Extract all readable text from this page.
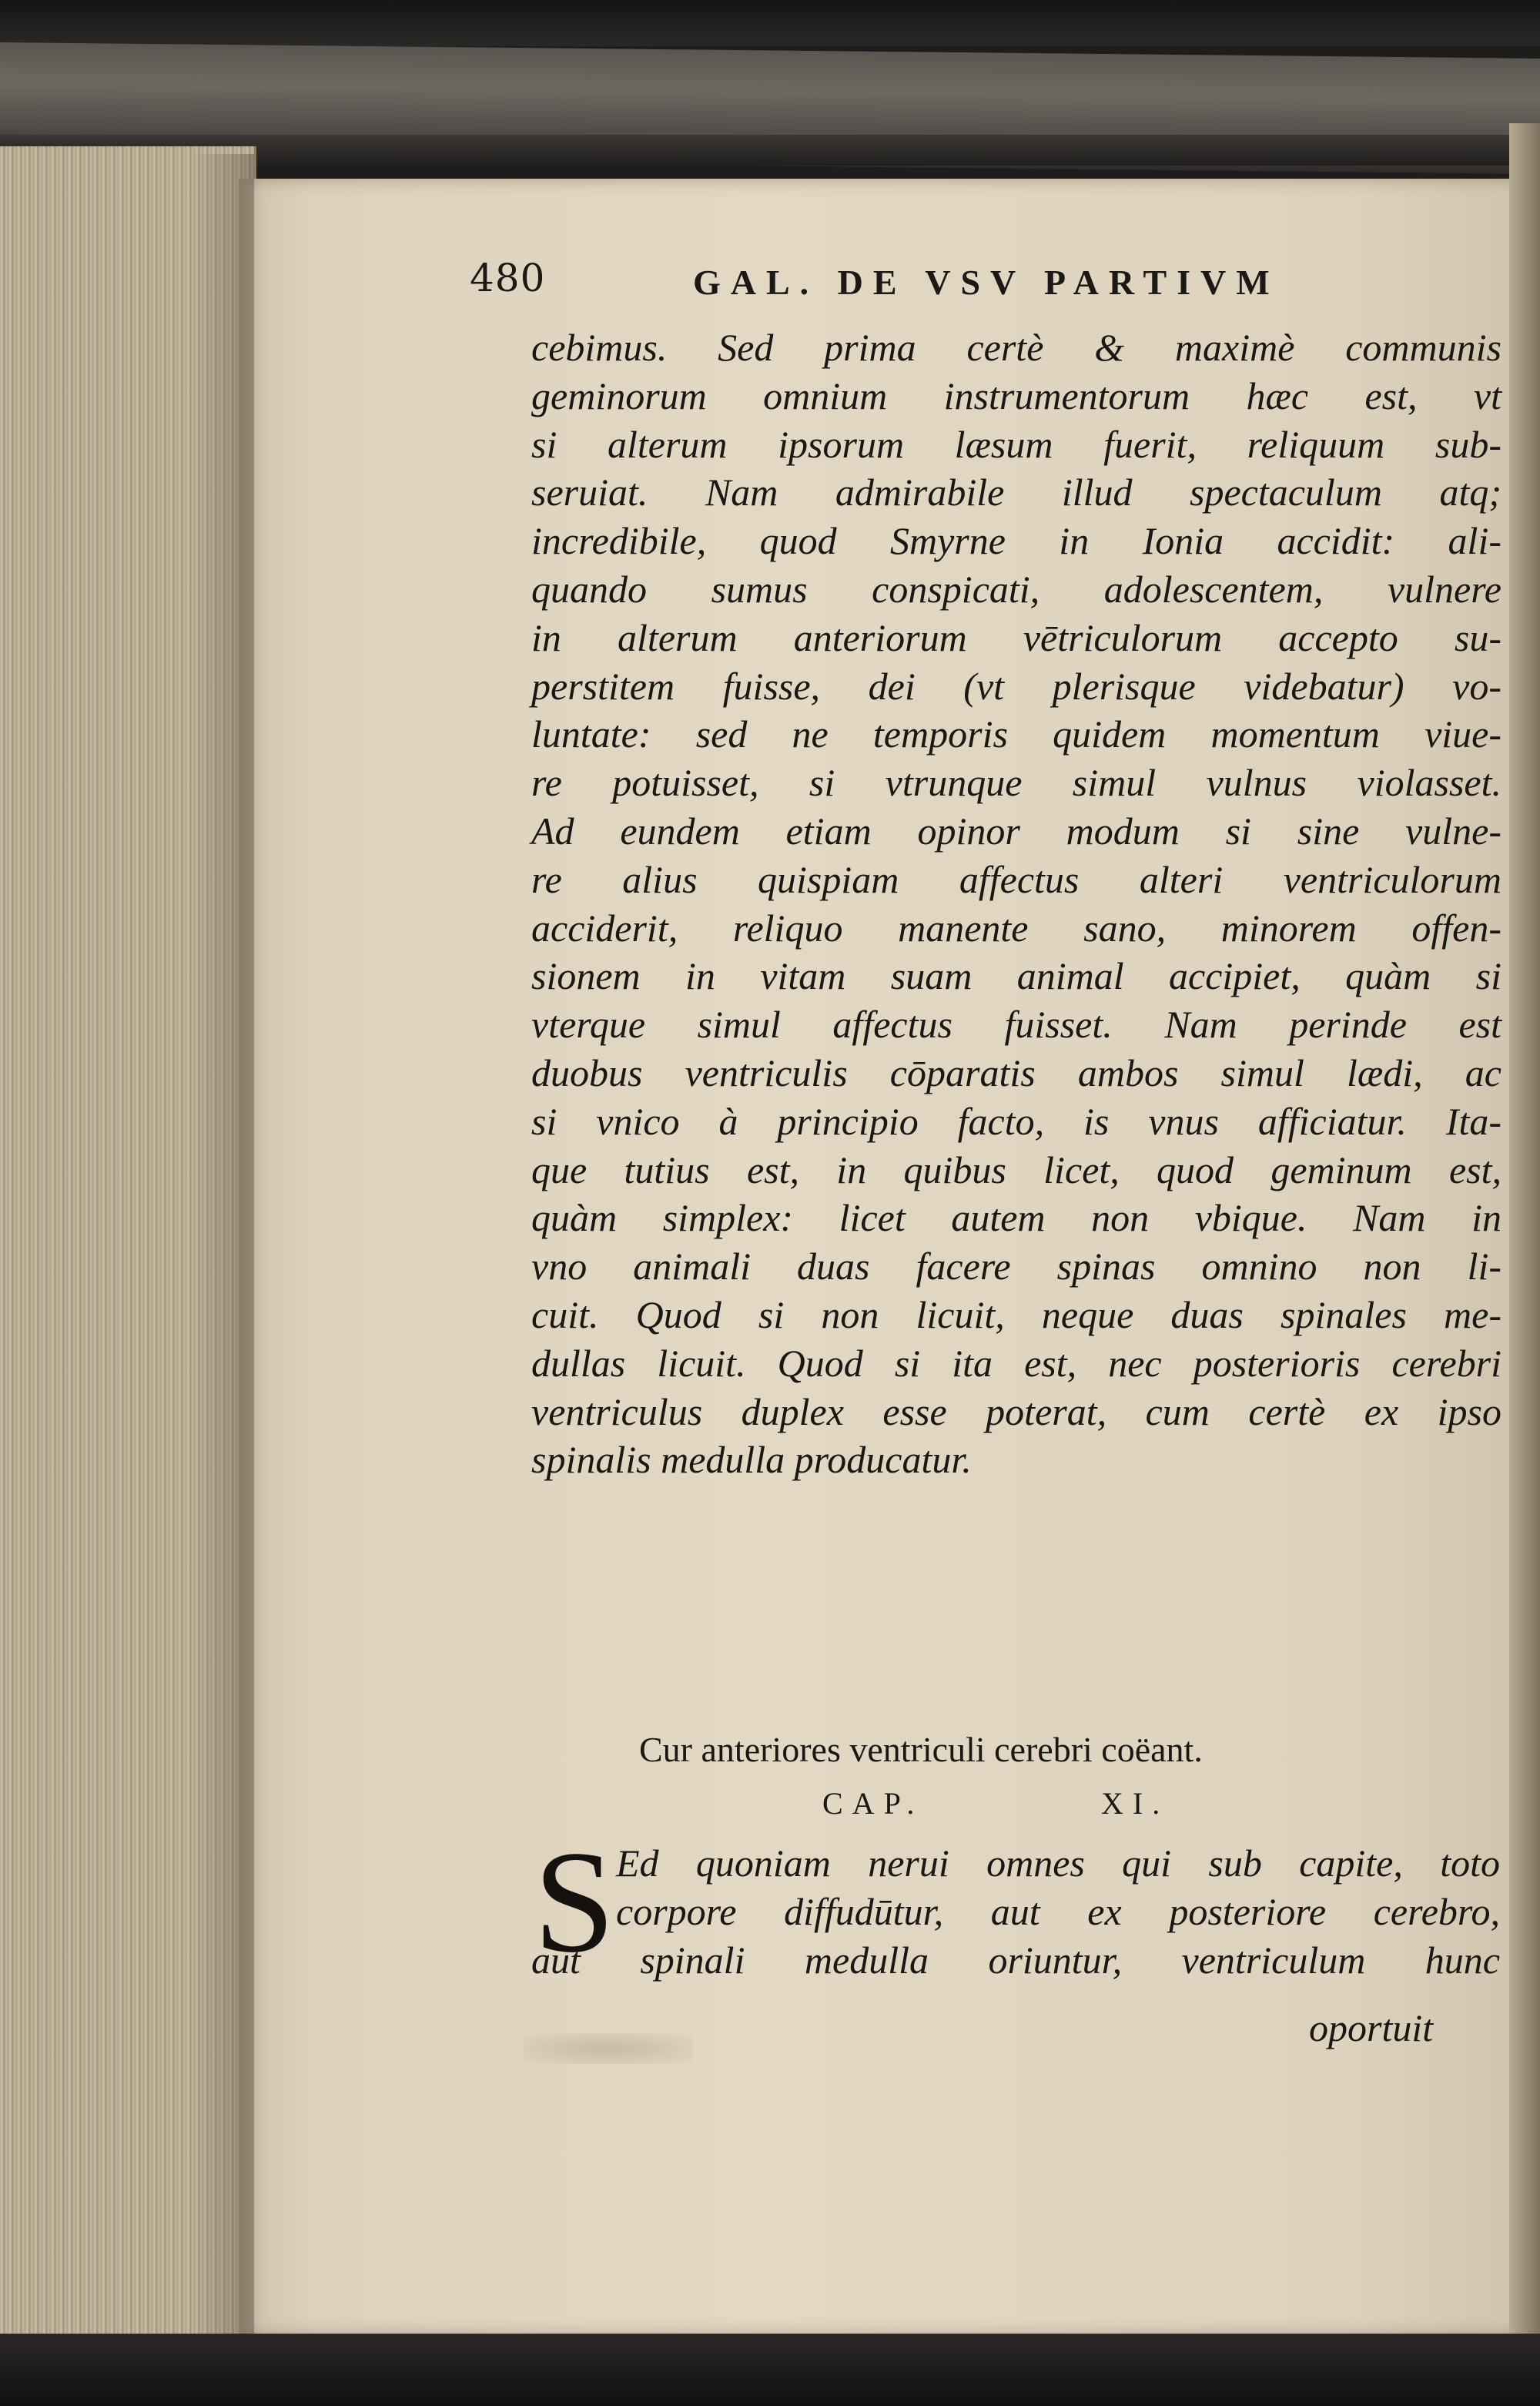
480	GAL. DE VSV PARTIVM
cebimus. Sed prima certè & maximè communis
geminorum omnium instrumentorum hæc est, vt
si alterum ipsorum læsum fuerit, reliquum sub-
seruiat. Nam admirabile illud spectaculum atq;
incredibile, quod Smyrne in Ionia accidit: ali-
quando sumus conspicati, adolescentem, vulnere
in alterum anteriorum vētriculorum accepto su-
perstitem fuisse, dei (vt plerisque videbatur) vo-
luntate: sed ne temporis quidem momentum viue-
re potuisset, si vtrunque simul vulnus violasset.
Ad eundem etiam opinor modum si sine vulne-
re alius quispiam affectus alteri ventriculorum
acciderit, reliquo manente sano, minorem offen-
sionem in vitam suam animal accipiet, quàm si
vterque simul affectus fuisset. Nam perinde est
duobus ventriculis cōparatis ambos simul lædi, ac
si vnico à principio facto, is vnus afficiatur. Ita-
que tutius est, in quibus licet, quod geminum est,
quàm simplex: licet autem non vbique. Nam in
vno animali duas facere spinas omnino non li-
cuit. Quod si non licuit, neque duas spinales me-
dullas licuit. Quod si ita est, nec posterioris cerebri
ventriculus duplex esse poterat, cum certè ex ipso
spinalis medulla producatur.
Cur anteriores ventriculi cerebri coëant.
CAP.	XI.
S Ed quoniam nerui omnes qui sub capite, toto
corpore diffudūtur, aut ex posteriore cerebro,
aut spinali medulla oriuntur, ventriculum hunc
oportuit
